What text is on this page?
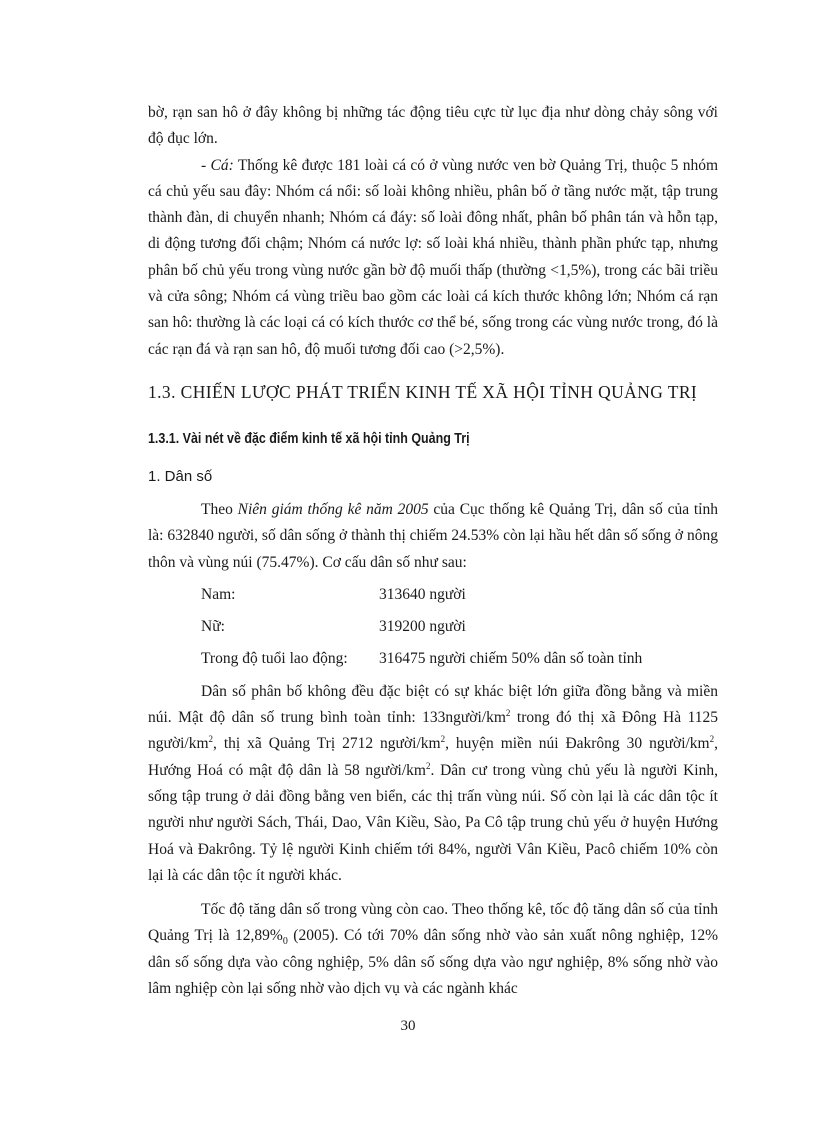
bờ, rạn san hô ở đây không bị những tác động tiêu cực từ lục địa như dòng chảy sông với độ đục lớn.

- Cá: Thống kê được 181 loài cá có ở vùng nước ven bờ Quảng Trị, thuộc 5 nhóm cá chủ yếu sau đây: Nhóm cá nổi: số loài không nhiều, phân bố ở tầng nước mặt, tập trung thành đàn, di chuyển nhanh; Nhóm cá đáy: số loài đông nhất, phân bố phân tán và hỗn tạp, di động tương đối chậm; Nhóm cá nước lợ: số loài khá nhiều, thành phần phức tạp, nhưng phân bố chủ yếu trong vùng nước gần bờ độ muối thấp (thường <1,5%), trong các bãi triều và cửa sông; Nhóm cá vùng triều bao gồm các loài cá kích thước không lớn; Nhóm cá rạn san hô: thường là các loại cá có kích thước cơ thể bé, sống trong các vùng nước trong, đó là các rạn đá và rạn san hô, độ muối tương đối cao (>2,5%).

1.3. CHIẾN LƯỢC PHÁT TRIỂN KINH TẾ XÃ HỘI TỈNH QUẢNG TRỊ
1.3.1. Vài nét về đặc điểm kinh tế xã hội tỉnh Quảng Trị
1. Dân số

Theo Niên giám thống kê năm 2005 của Cục thống kê Quảng Trị, dân số của tỉnh là: 632840 người, số dân sống ở thành thị chiếm 24.53% còn lại hầu hết dân số sống ở nông thôn và vùng núi (75.47%). Cơ cấu dân số như sau:

Nam:	313640 người
Nữ:	319200 người
Trong độ tuổi lao động:	316475 người chiếm 50% dân số toàn tỉnh

Dân số phân bố không đều đặc biệt có sự khác biệt lớn giữa đồng bằng và miền núi. Mật độ dân số trung bình toàn tỉnh: $133người/km^2$ trong đó thị xã Đông Hà 1125 người/$km^2$, thị xã Quảng Trị 2712 người/$km^2$, huyện miền núi Đakrông 30 người/$km^2$, Hướng Hoá có mật độ dân là 58 người/$km^2$. Dân cư trong vùng chủ yếu là người Kinh, sống tập trung ở dải đồng bằng ven biển, các thị trấn vùng núi. Số còn lại là các dân tộc ít người như người Sách, Thái, Dao, Vân Kiều, Sào, Pa Cô tập trung chủ yếu ở huyện Hướng Hoá và Đakrông. Tỷ lệ người Kinh chiếm tới 84%, người Vân Kiều, Pacô chiếm 10% còn lại là các dân tộc ít người khác.

Tốc độ tăng dân số trong vùng còn cao. Theo thống kê, tốc độ tăng dân số của tỉnh Quảng Trị là $12,89\%_0$ (2005). Có tới 70% dân sống nhờ vào sản xuất nông nghiệp, 12% dân số sống dựa vào công nghiệp, 5% dân số sống dựa vào ngư nghiệp, 8% sống nhờ vào lâm nghiệp còn lại sống nhờ vào dịch vụ và các ngành khác

30
